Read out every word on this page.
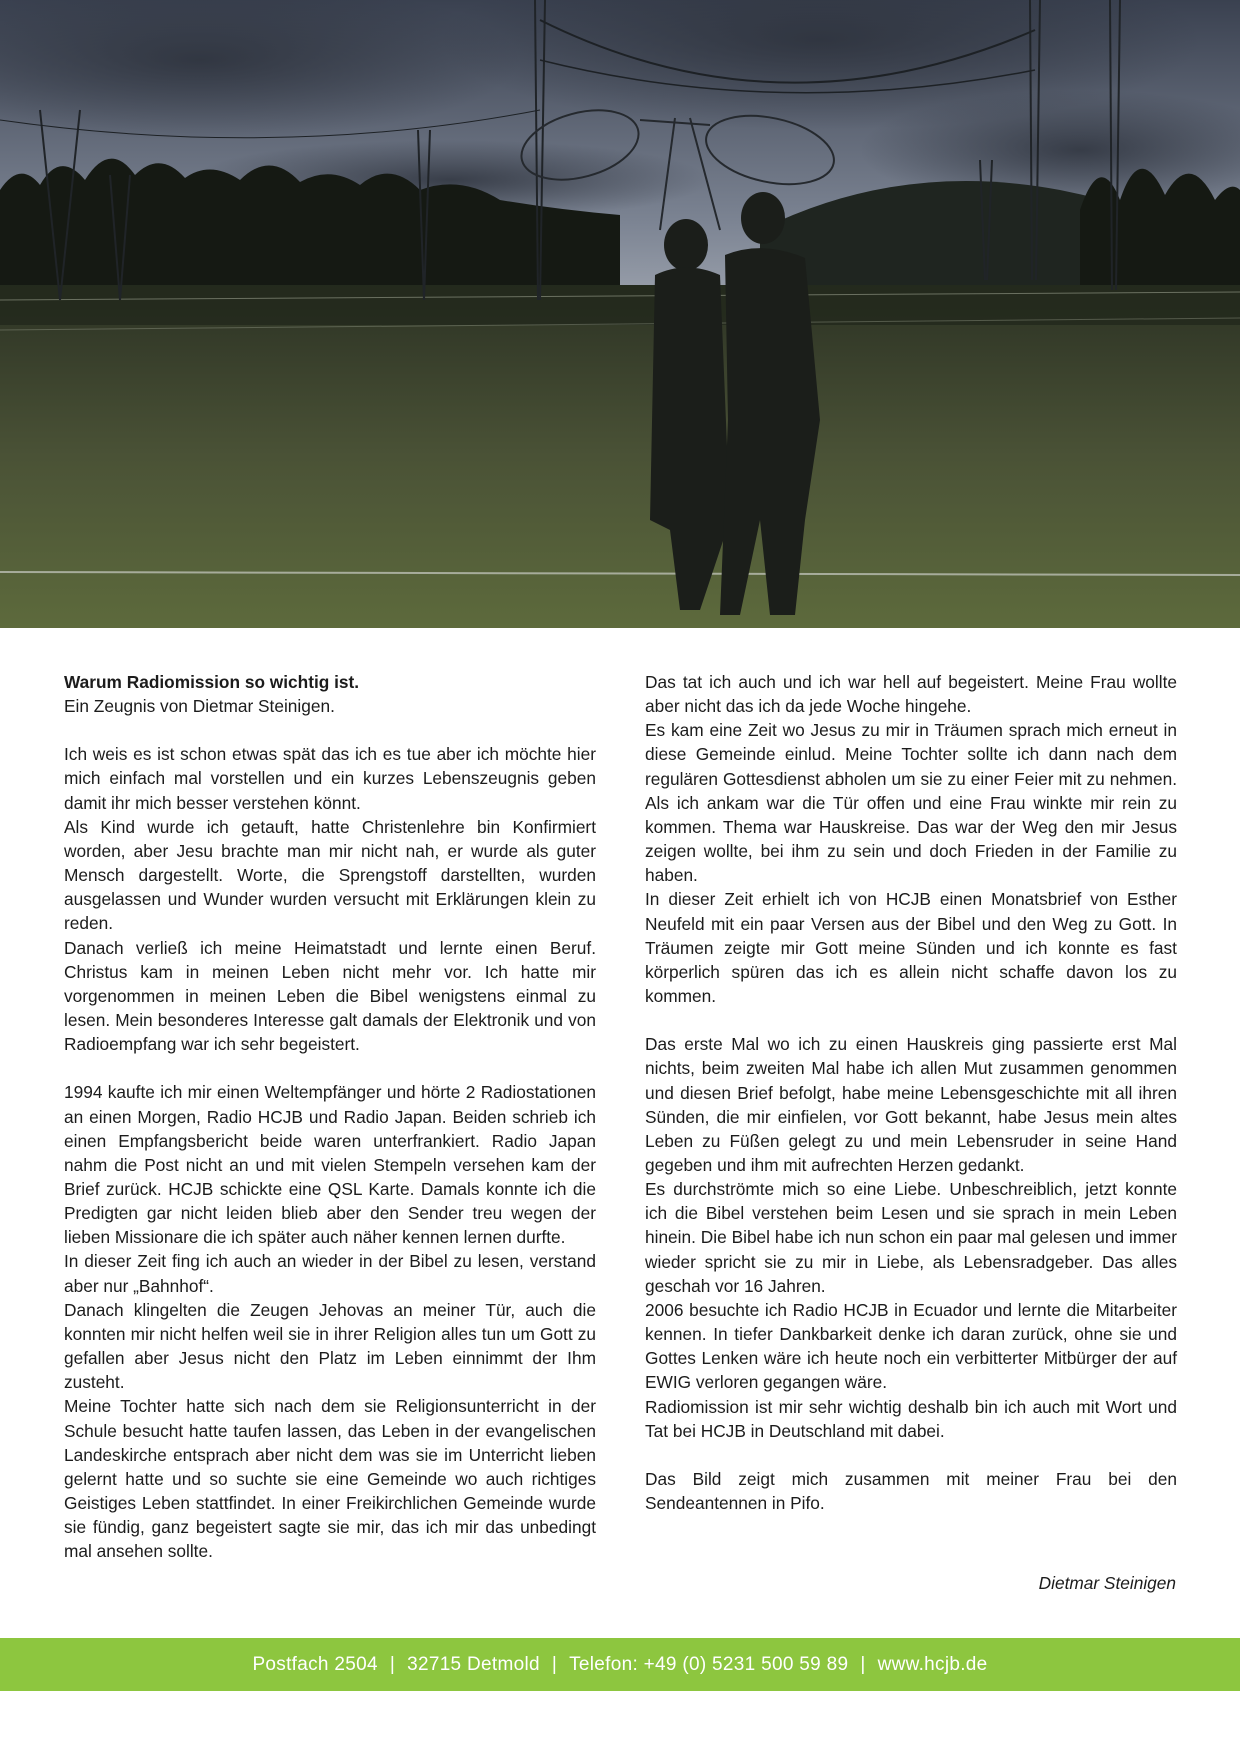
Warum Radiomission so wichtig ist.

Ein Zeugnis von Dietmar Steinigen.

Ich weis es ist schon etwas spät das ich es tue aber ich möchte hier mich einfach mal vorstellen und ein kurzes Lebenszeugnis geben damit ihr mich besser verstehen könnt.

Als Kind wurde ich getauft, hatte Christenlehre bin Konfirmiert worden, aber Jesu brachte man mir nicht nah, er wurde als guter Mensch dargestellt. Worte, die Sprengstoff darstellten, wurden ausgelassen und Wunder wurden versucht mit Erklärungen klein zu reden.

Danach verließ ich meine Heimatstadt und lernte einen Beruf. Christus kam in meinen Leben nicht mehr vor. Ich hatte mir vorgenommen in meinen Leben die Bibel wenigstens einmal zu lesen. Mein besonderes Interesse galt damals der Elektronik und von Radioempfang war ich sehr begeistert.

1994 kaufte ich mir einen Weltempfänger und hörte 2 Radiostationen an einen Morgen, Radio HCJB und Radio Japan. Beiden schrieb ich einen Empfangsbericht beide waren unterfrankiert. Radio Japan nahm die Post nicht an und mit vielen Stempeln versehen kam der Brief zurück. HCJB schickte eine QSL Karte. Damals konnte ich die Predigten gar nicht leiden blieb aber den Sender treu wegen der lieben Missionare die ich später auch näher kennen lernen durfte.

In dieser Zeit fing ich auch an wieder in der Bibel zu lesen, verstand aber nur „Bahnhof“.

Danach klingelten die Zeugen Jehovas an meiner Tür, auch die konnten mir nicht helfen weil sie in ihrer Religion alles tun um Gott zu gefallen aber Jesus nicht den Platz im Leben einnimmt der Ihm zusteht.

Meine Tochter hatte sich nach dem sie Religionsunterricht in der Schule besucht hatte taufen lassen, das Leben in der evangelischen Landeskirche entsprach aber nicht dem was sie im Unterricht lieben gelernt hatte und so suchte sie eine Gemeinde wo auch richtiges Geistiges Leben stattfindet. In einer Freikirchlichen Gemeinde wurde sie fündig, ganz begeistert sagte sie mir, das ich mir das unbedingt mal ansehen sollte.

Das tat ich auch und ich war hell auf begeistert. Meine Frau wollte aber nicht das ich da jede Woche hingehe.

Es kam eine Zeit wo Jesus zu mir in Träumen sprach mich erneut in diese Gemeinde einlud. Meine Tochter sollte ich dann nach dem regulären Gottesdienst abholen um sie zu einer Feier mit zu nehmen. Als ich ankam war die Tür offen und eine Frau winkte mir rein zu kommen. Thema war Hauskreise. Das war der Weg den mir Jesus zeigen wollte, bei ihm zu sein und doch Frieden in der Familie zu haben.

In dieser Zeit erhielt ich von HCJB einen Monatsbrief von Esther Neufeld mit ein paar Versen aus der Bibel und den Weg zu Gott. In Träumen zeigte mir Gott meine Sünden und ich konnte es fast körperlich spüren das ich es allein nicht schaffe davon los zu kommen.

Das erste Mal wo ich zu einen Hauskreis ging passierte erst Mal nichts, beim zweiten Mal habe ich allen Mut zusammen genommen und diesen Brief befolgt, habe meine Lebensgeschichte mit all ihren Sünden, die mir einfielen, vor Gott bekannt, habe Jesus mein altes Leben zu Füßen gelegt zu und mein Lebensruder in seine Hand gegeben und ihm mit aufrechten Herzen gedankt.

Es durchströmte mich so eine Liebe. Unbeschreiblich, jetzt konnte ich die Bibel verstehen beim Lesen und sie sprach in mein Leben hinein. Die Bibel habe ich nun schon ein paar mal gelesen und immer wieder spricht sie zu mir in Liebe, als Lebensradgeber. Das alles geschah vor 16 Jahren.

2006 besuchte ich Radio HCJB in Ecuador und lernte die Mitarbeiter kennen. In tiefer Dankbarkeit denke ich daran zurück, ohne sie und Gottes Lenken wäre ich heute noch ein verbitterter Mitbürger der auf EWIG verloren gegangen wäre.

Radiomission ist mir sehr wichtig deshalb bin ich auch mit Wort und Tat bei HCJB in Deutschland mit dabei.

Das Bild zeigt mich zusammen mit meiner Frau bei den Sendeantennen in Pifo.

Dietmar Steinigen
Postfach 2504 | 32715 Detmold | Telefon: +49 (0) 5231 500 59 89 | www.hcjb.de
